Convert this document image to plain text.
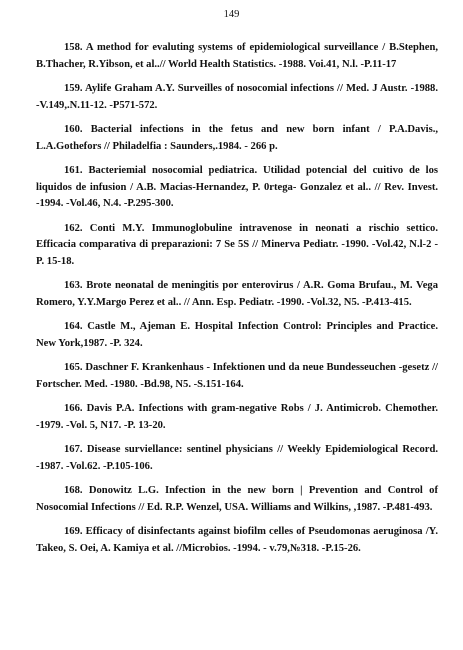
149

158. A method for evaluting systems of epidemiological surveillance / B.Stephen, B.Thacher, R.Yibson, et al..// World Health Statistics. -1988. Voi.41, N.l. -P.11-17

159. Aylife Graham A.Y. Surveilles of nosocomial infections // Med. J Austr. -1988. -V.149,.N.11-12. -P571-572.

160. Bacterial infections in the fetus and new born infant / P.A.Davis., L.A.Gothefors // Philadelfia : Saunders,.1984. - 266 p.

161. Bacteriemial nosocomial pediatrica. Utilidad potencial del cuitivo de los liquidos de infusion / A.B. Macias-Hernandez, P. 0rtega- Gonzalez et al.. // Rev. Invest. -1994. -Vol.46, N.4. -P.295-300.

162. Conti M.Y. Immunoglobuline intravenose in neonati a rischio settico. Efficacia comparativa di preparazioni: 7 Se 5S // Minerva Pediatr. -1990. -Vol.42, N.l-2 -P. 15-18.

163. Brote neonatal de meningitis por enterovirus / A.R. Goma Brufau., M. Vega Romero, Y.Y.Margo Perez et al.. // Ann. Esp. Pediatr. -1990. -Vol.32, N5. -P.413-415.

164. Castle M., Ajeman E. Hospital Infection Control: Principles and Practice. New York,1987. -P. 324.

165. Daschner F. Krankenhaus - Infektionen und da neue Bundesseuchen -gesetz // Fortscher. Med. -1980. -Bd.98, N5. -S.151-164.

166. Davis P.A. Infections with gram-negative Robs / J. Antimicrob. Chemother. -1979. -Vol. 5, N17. -P. 13-20.

167. Disease surviellance: sentinel physicians // Weekly Epidemiological Record. -1987. -Vol.62. -P.105-106.

168. Donowitz L.G. Infection in the new born | Prevention and Control of Nosocomial Infections // Ed. R.P. Wenzel, USA. Williams and Wilkins, ,1987. -P.481-493.

169. Efficacy of disinfectants against biofilm celles of Pseudomonas aeruginosa /Y. Takeo, S. Oei, A. Kamiya et al. //Microbios. -1994. - v.79,№318. -P.15-26.
